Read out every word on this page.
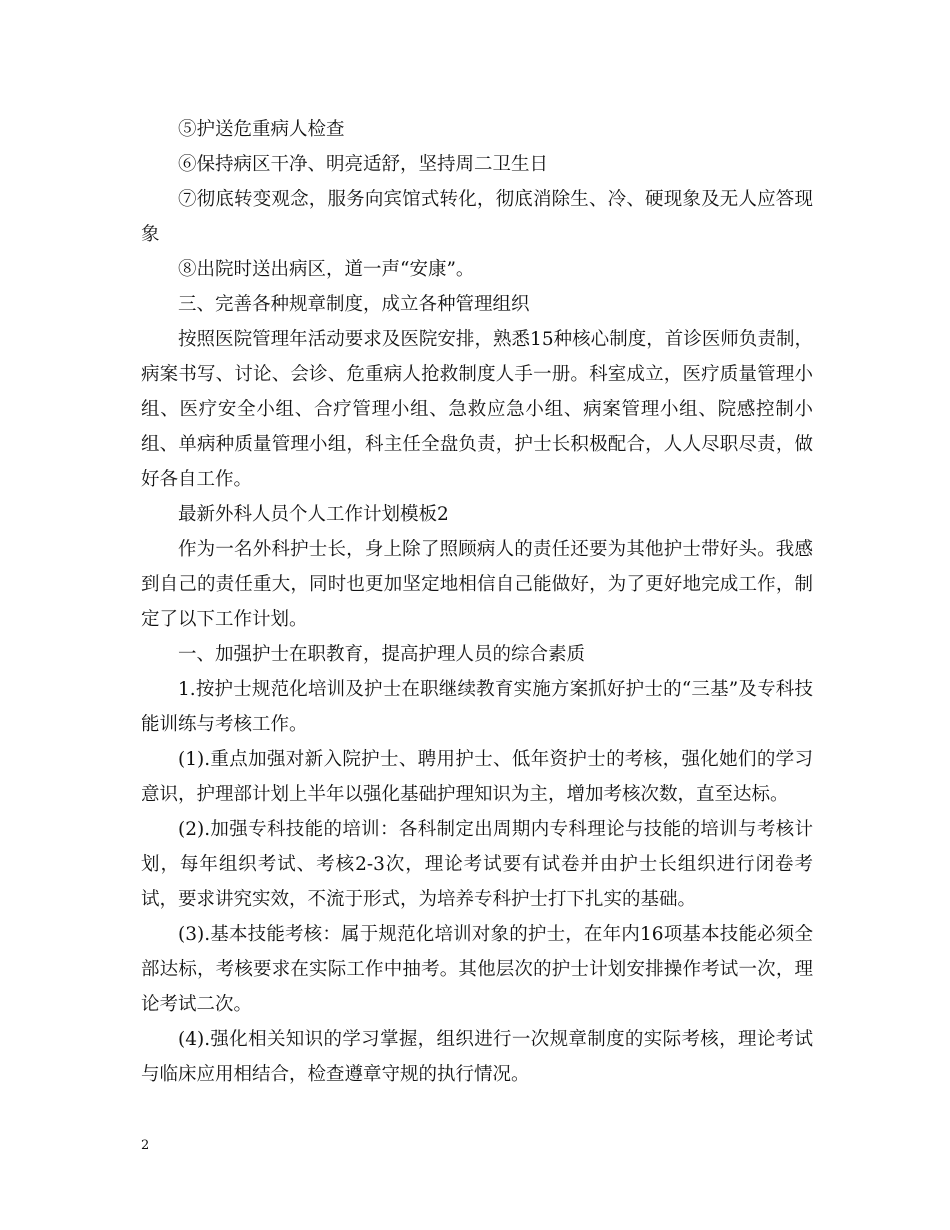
⑤护送危重病人检查

⑥保持病区干净、明亮适舒，坚持周二卫生日

⑦彻底转变观念，服务向宾馆式转化，彻底消除生、冷、硬现象及无人应答现象

⑧出院时送出病区，道一声“安康”。

三、完善各种规章制度，成立各种管理组织

按照医院管理年活动要求及医院安排，熟悉15种核心制度，首诊医师负责制，病案书写、讨论、会诊、危重病人抢救制度人手一册。科室成立，医疗质量管理小组、医疗安全小组、合疗管理小组、急救应急小组、病案管理小组、院感控制小组、单病种质量管理小组，科主任全盘负责，护士长积极配合，人人尽职尽责，做好各自工作。

最新外科人员个人工作计划模板2

作为一名外科护士长，身上除了照顾病人的责任还要为其他护士带好头。我感到自己的责任重大，同时也更加坚定地相信自己能做好，为了更好地完成工作，制定了以下工作计划。

一、加强护士在职教育，提高护理人员的综合素质

1.按护士规范化培训及护士在职继续教育实施方案抓好护士的“三基”及专科技能训练与考核工作。

(1).重点加强对新入院护士、聘用护士、低年资护士的考核，强化她们的学习意识，护理部计划上半年以强化基础护理知识为主，增加考核次数，直至达标。

(2).加强专科技能的培训：各科制定出周期内专科理论与技能的培训与考核计划，每年组织考试、考核2-3次，理论考试要有试卷并由护士长组织进行闭卷考试，要求讲究实效，不流于形式，为培养专科护士打下扎实的基础。

(3).基本技能考核：属于规范化培训对象的护士，在年内16项基本技能必须全部达标，考核要求在实际工作中抽考。其他层次的护士计划安排操作考试一次，理论考试二次。

(4).强化相关知识的学习掌握，组织进行一次规章制度的实际考核，理论考试与临床应用相结合，检查遵章守规的执行情况。

2
